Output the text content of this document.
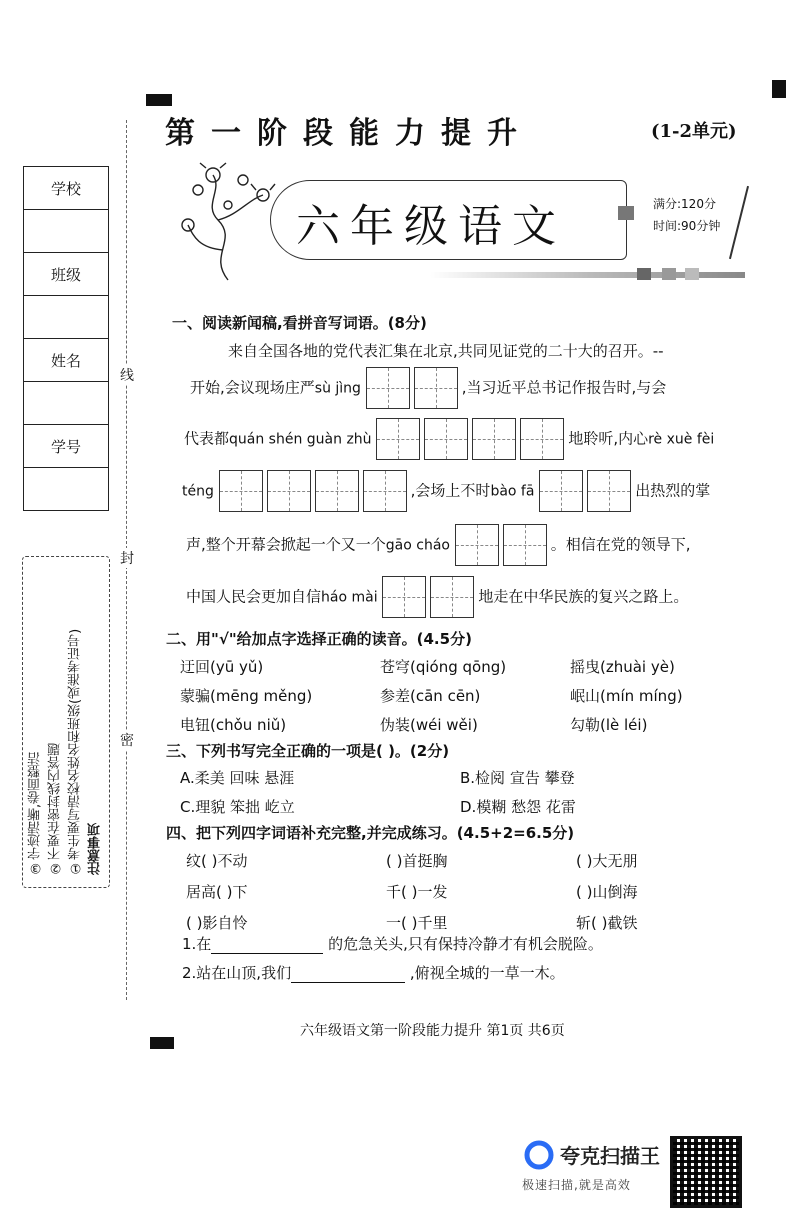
学校
班级
姓名
学号
线
封
密
③字迹清晰,卷面整洁 ②不要在密封线内答题 ①考生要写清校名姓名和班级(或准考证号) 注意事项
第一阶段能力提升	(1-2单元)
六年级语文	满分:120分
时间:90分钟
一、阅读新闻稿,看拼音写词语。(8分)
来自全国各地的党代表汇集在北京,共同见证党的二十大的召开。--
开始,会议现场庄严sù jìng	,当习近平总书记作报告时,与会
代表都quán shén guàn zhù	地聆听,内心rè xuè fèi
téng	,会场上不时bào fā	出热烈的掌
声,整个开幕会掀起一个又一个gāo cháo	。相信在党的领导下,
中国人民会更加自信háo mài	地走在中华民族的复兴之路上。
二、用"√"给加点字选择正确的读音。(4.5分)
迂回(yū yǔ)	苍穹(qióng qōng)	摇曳(zhuài yè)
蒙骗(mēng měng)	参差(cān cēn)	岷山(mín míng)
电钮(chǒu niǔ)	伪装(wéi wěi)	勾勒(lè léi)
三、下列书写完全正确的一项是( )。(2分)
A.柔美 回味 悬涯	B.检阅 宣告 攀登
C.理貌 笨拙 屹立	D.模糊 愁怨 花雷
四、把下列四字词语补充完整,并完成练习。(4.5+2=6.5分)
纹( )不动	( )首挺胸	( )大无朋
居高( )下	千( )一发	( )山倒海
( )影自怜	一( )千里	斩( )截铁
1.在	的危急关头,只有保持冷静才有机会脱险。
2.站在山顶,我们	,俯视全城的一草一木。
六年级语文第一阶段能力提升 第1页 共6页
夸克扫描王
极速扫描,就是高效
